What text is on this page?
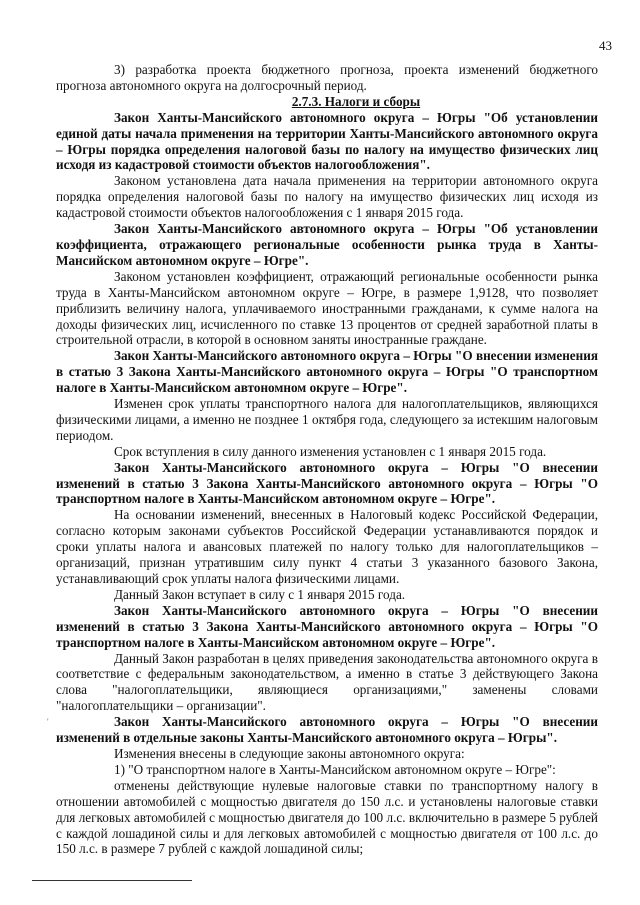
43

3) разработка проекта бюджетного прогноза, проекта изменений бюджетного прогноза автономного округа на долгосрочный период.

2.7.3. Налоги и сборы

Закон Ханты-Мансийского автономного округа – Югры "Об установлении единой даты начала применения на территории Ханты-Мансийского автономного округа – Югры порядка определения налоговой базы по налогу на имущество физических лиц исходя из кадастровой стоимости объектов налогообложения".

Законом установлена дата начала применения на территории автономного округа порядка определения налоговой базы по налогу на имущество физических лиц исходя из кадастровой стоимости объектов налогообложения с 1 января 2015 года.

Закон Ханты-Мансийского автономного округа – Югры "Об установлении коэффициента, отражающего региональные особенности рынка труда в Ханты-Мансийском автономном округе – Югре".

Законом установлен коэффициент, отражающий региональные особенности рынка труда в Ханты-Мансийском автономном округе – Югре, в размере 1,9128, что позволяет приблизить величину налога, уплачиваемого иностранными гражданами, к сумме налога на доходы физических лиц, исчисленного по ставке 13 процентов от средней заработной платы в строительной отрасли, в которой в основном заняты иностранные граждане.

Закон Ханты-Мансийского автономного округа – Югры "О внесении изменения в статью 3 Закона Ханты-Мансийского автономного округа – Югры "О транспортном налоге в Ханты-Мансийском автономном округе – Югре".

Изменен срок уплаты транспортного налога для налогоплательщиков, являющихся физическими лицами, а именно не позднее 1 октября года, следующего за истекшим налоговым периодом.

Срок вступления в силу данного изменения установлен с 1 января 2015 года.

Закон Ханты-Мансийского автономного округа – Югры "О внесении изменений в статью 3 Закона Ханты-Мансийского автономного округа – Югры "О транспортном налоге в Ханты-Мансийском автономном округе – Югре".

На основании изменений, внесенных в Налоговый кодекс Российской Федерации, согласно которым законами субъектов Российской Федерации устанавливаются порядок и сроки уплаты налога и авансовых платежей по налогу только для налогоплательщиков – организаций, признан утратившим силу пункт 4 статьи 3 указанного базового Закона, устанавливающий срок уплаты налога физическими лицами.

Данный Закон вступает в силу с 1 января 2015 года.

Закон Ханты-Мансийского автономного округа – Югры "О внесении изменений в статью 3 Закона Ханты-Мансийского автономного округа – Югры "О транспортном налоге в Ханты-Мансийском автономном округе – Югре".

Данный Закон разработан в целях приведения законодательства автономного округа в соответствие с федеральным законодательством, а именно в статье 3 действующего Закона слова "налогоплательщики, являющиеся организациями," заменены словами "налогоплательщики – организации".

Закон Ханты-Мансийского автономного округа – Югры "О внесении изменений в отдельные законы Ханты-Мансийского автономного округа – Югры".

Изменения внесены в следующие законы автономного округа:

1) "О транспортном налоге в Ханты-Мансийском автономном округе – Югре":

отменены действующие нулевые налоговые ставки по транспортному налогу в отношении автомобилей с мощностью двигателя до 150 л.с. и установлены налоговые ставки для легковых автомобилей с мощностью двигателя до 100 л.с. включительно в размере 5 рублей с каждой лошадиной силы и для легковых автомобилей с мощностью двигателя от 100 л.с. до 150 л.с. в размере 7 рублей с каждой лошадиной силы;

'
